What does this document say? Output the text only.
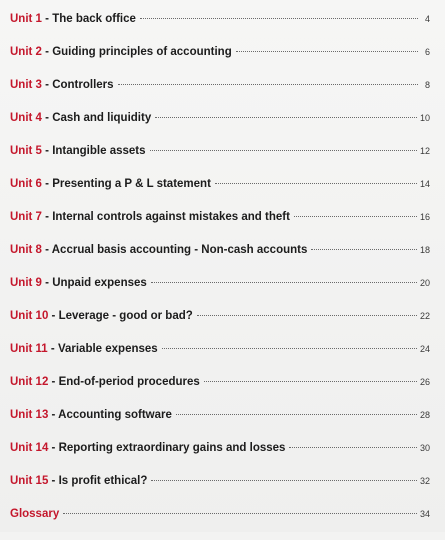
Unit 1 - The back office	4
Unit 2 - Guiding principles of accounting	6
Unit 3 - Controllers	8
Unit 4 - Cash and liquidity	10
Unit 5 - Intangible assets	12
Unit 6 - Presenting a P & L statement	14
Unit 7 - Internal controls against mistakes and theft	16
Unit 8 - Accrual basis accounting - Non-cash accounts	18
Unit 9 - Unpaid expenses	20
Unit 10 - Leverage - good or bad?	22
Unit 11 - Variable expenses	24
Unit 12 - End-of-period procedures	26
Unit 13 - Accounting software	28
Unit 14 - Reporting extraordinary gains and losses	30
Unit 15 - Is profit ethical?	32
Glossary	34
